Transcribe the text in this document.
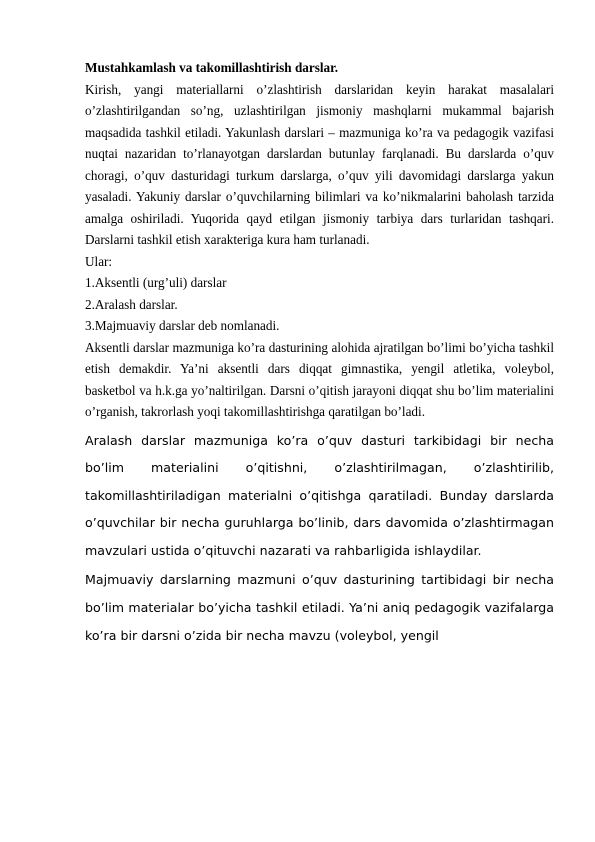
Mustahkamlash va takomillashtirish darslar.

Kirish, yangi materiallarni o’zlashtirish darslaridan keyin harakat masalalari o’zlashtirilgandan so’ng, uzlashtirilgan jismoniy mashqlarni mukammal bajarish maqsadida tashkil etiladi. Yakunlash darslari – mazmuniga ko’ra va pedagogik vazifasi nuqtai nazaridan to’rlanayotgan darslardan butunlay farqlanadi. Bu darslarda o’quv choragi, o’quv dasturidagi turkum darslarga, o’quv yili davomidagi darslarga yakun yasaladi. Yakuniy darslar o’quvchilarning bilimlari va ko’nikmalarini baholash tarzida amalga oshiriladi. Yuqorida qayd etilgan jismoniy tarbiya dars turlaridan tashqari. Darslarni tashkil etish xarakteriga kura ham turlanadi.

Ular:

1.Aksentli (urg’uli) darslar

2.Aralash darslar.

3.Majmuaviy darslar deb nomlanadi.

Aksentli darslar mazmuniga ko’ra dasturining alohida ajratilgan bo’limi bo’yicha tashkil etish demakdir. Ya’ni aksentli dars diqqat gimnastika, yengil atletika, voleybol, basketbol va h.k.ga yo’naltirilgan. Darsni o’qitish jarayoni diqqat shu bo’lim materialini o’rganish, takrorlash yoqi takomillashtirishga qaratilgan bo’ladi.

Aralash darslar mazmuniga ko’ra o’quv dasturi tarkibidagi bir necha bo’lim materialini o’qitishni, o’zlashtirilmagan, o’zlashtirilib, takomillashtiriladigan materialni o’qitishga qaratiladi. Bunday darslarda o’quvchilar bir necha guruhlarga bo’linib, dars davomida o’zlashtirmagan mavzulari ustida o’qituvchi nazarati va rahbarligida ishlaydilar.

Majmuaviy darslarning mazmuni o’quv dasturining tartibidagi bir necha bo’lim materialar bo’yicha tashkil etiladi. Ya’ni aniq pedagogik vazifalarga ko’ra bir darsni o’zida bir necha mavzu (voleybol, yengil
